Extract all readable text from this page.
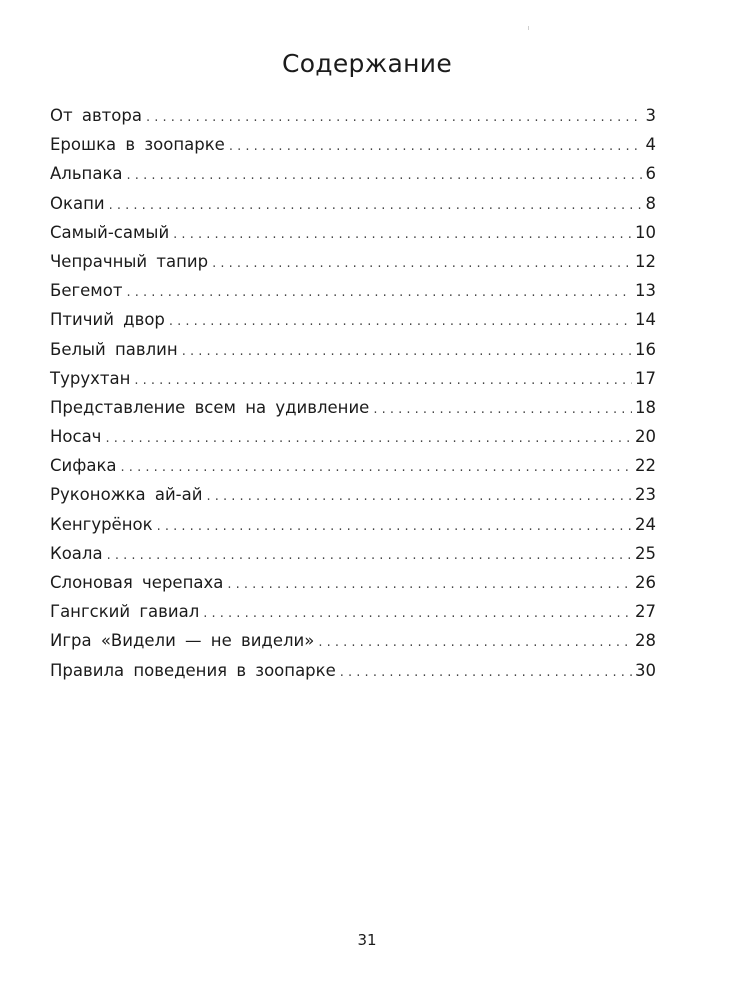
Содержание
От автора . . .	3
Ерошка в зоопарке . . .	4
Альпака . . .	6
Окапи . . .	8
Самый-самый . . .	10
Чепрачный тапир . . .	12
Бегемот . . .	13
Птичий двор . . .	14
Белый павлин . . .	16
Турухтан . . .	17
Представление всем на удивление . . .	18
Носач . . .	20
Сифака . . .	22
Руконожка ай-ай . . .	23
Кенгурёнок . . .	24
Коала . . .	25
Слоновая черепаха . . .	26
Гангский гавиал . . .	27
Игра «Видели — не видели» . . .	28
Правила поведения в зоопарке . . .	30

31
